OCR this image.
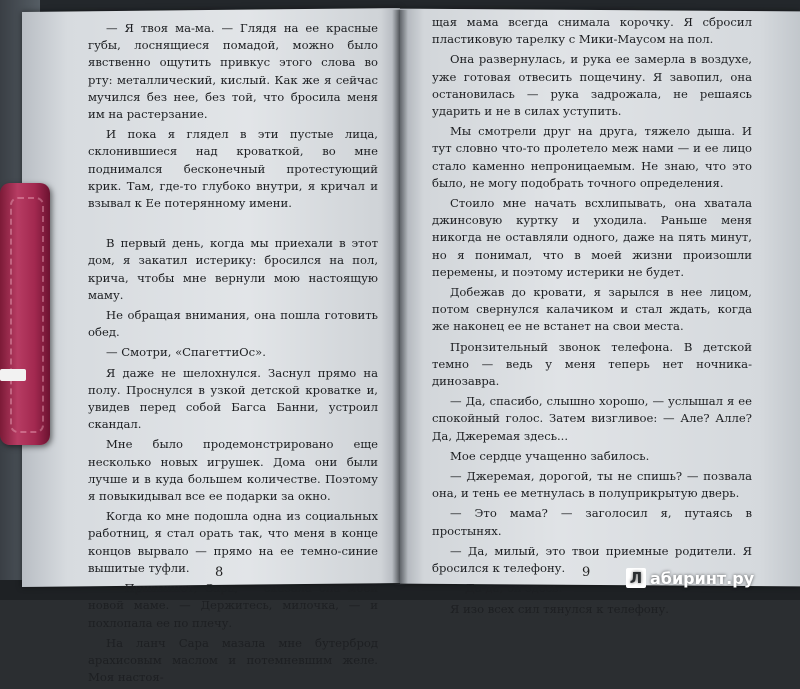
— Я твоя ма-ма. — Глядя на ее красные губы, лоснящиеся помадой, можно было явственно ощутить привкус этого слова во рту: металлический, кислый. Как же я сейчас мучился без нее, без той, что бросила меня им на растерзание.

И пока я глядел в эти пустые лица, склонившиеся над кроваткой, во мне поднимался бесконечный протестующий крик. Там, где-то глубоко внутри, я кричал и взывал к Ее потерянному имени.

В первый день, когда мы приехали в этот дом, я закатил истерику: бросился на пол, крича, чтобы мне вернули мою настоящую маму.

Не обращая внимания, она пошла готовить обед.

— Смотри, «СпагеттиОс».

Я даже не шелохнулся. Заснул прямо на полу. Проснулся в узкой детской кроватке и, увидев перед собой Багса Банни, устроил скандал.

Мне было продемонстрировано еще несколько новых игрушек. Дома они были лучше и в куда большем количестве. Поэтому я повыкидывал все ее подарки за окно.

Когда ко мне подошла одна из социальных работниц, я стал орать так, что меня в конце концов вырвало — прямо на ее темно-синие вышитые туфли.

— Привыкнет, Сара, — сказала она моей новой маме. — Держитесь, милочка, — и похлопала ее по плечу.

На ланч Сара мазала мне бутерброд арахисовым маслом и потемневшим желе. Моя настоя-

щая мама всегда снимала корочку. Я сбросил пластиковую тарелку с Мики-Маусом на пол.

Она развернулась, и рука ее замерла в воздухе, уже готовая отвесить пощечину. Я завопил, она остановилась — рука задрожала, не решаясь ударить и не в силах уступить.

Мы смотрели друг на друга, тяжело дыша. И тут словно что-то пролетело меж нами — и ее лицо стало каменно непроницаемым. Не знаю, что это было, не могу подобрать точного определения.

Стоило мне начать всхлипывать, она хватала джинсовую куртку и уходила. Раньше меня никогда не оставляли одного, даже на пять минут, но я понимал, что в моей жизни произошли перемены, и поэтому истерики не будет.

Добежав до кровати, я зарылся в нее лицом, потом свернулся калачиком и стал ждать, когда же наконец ее не встанет на свои места.

Пронзительный звонок телефона. В детской темно — ведь у меня теперь нет ночника-динозавра.

— Да, спасибо, слышно хорошо, — услышал я ее спокойный голос. Затем визгливое: — Але? Алле? Да, Джеремая здесь...

Мое сердце учащенно забилось.

— Джеремая, дорогой, ты не спишь? — позвала она, и тень ее метнулась в полуприкрытую дверь.

— Это мама? — заголосил я, путаясь в простынях.

— Да, милый, это твои приемные родители. Я бросился к телефону.

— Да-да, он здесь.

Я изо всех сил тянулся к телефону.

8	9	Л абиринт.ру
